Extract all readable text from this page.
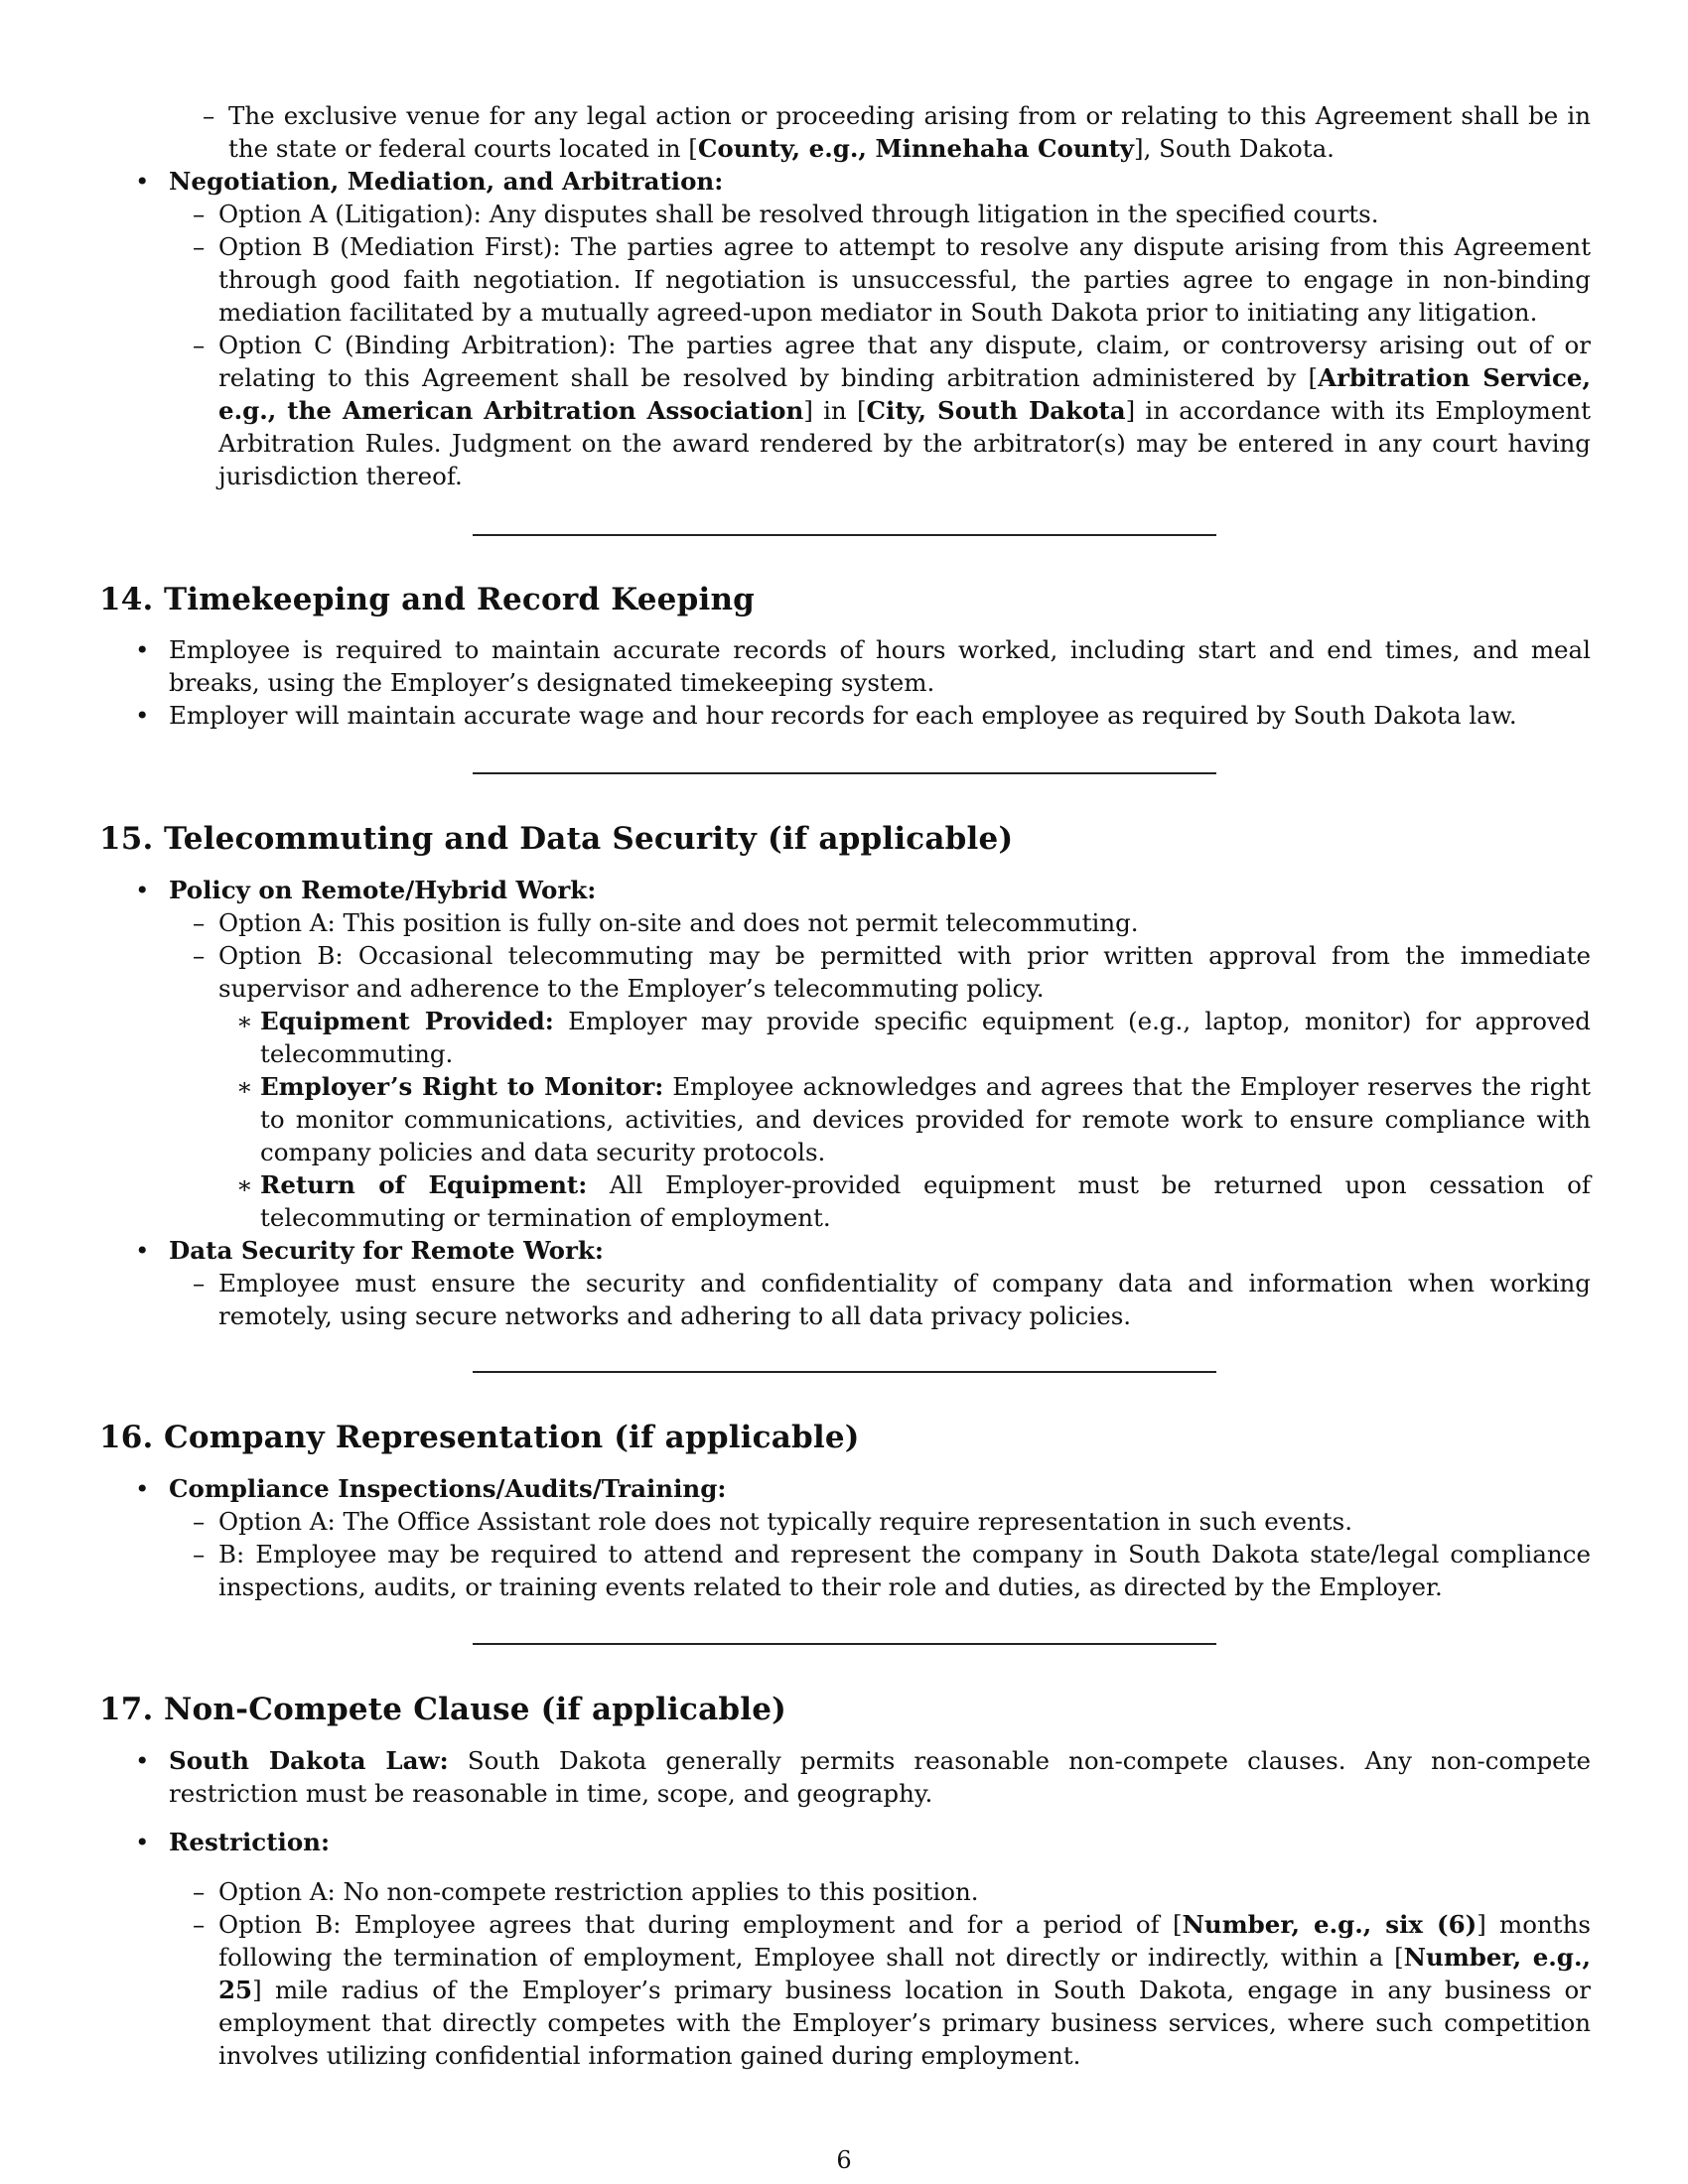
– The exclusive venue for any legal action or proceeding arising from or relating to this Agreement shall be in the state or federal courts located in [County, e.g., Minnehaha County], South Dakota.
• Negotiation, Mediation, and Arbitration:
– Option A (Litigation): Any disputes shall be resolved through litigation in the specified courts.
– Option B (Mediation First): The parties agree to attempt to resolve any dispute arising from this Agreement through good faith negotiation. If negotiation is unsuccessful, the parties agree to engage in non-binding mediation facilitated by a mutually agreed-upon mediator in South Dakota prior to initiating any litigation.
– Option C (Binding Arbitration): The parties agree that any dispute, claim, or controversy arising out of or relating to this Agreement shall be resolved by binding arbitration administered by [Arbitration Service, e.g., the American Arbitration Association] in [City, South Dakota] in accordance with its Employment Arbitration Rules. Judgment on the award rendered by the arbitrator(s) may be entered in any court having jurisdiction thereof.
14. Timekeeping and Record Keeping
• Employee is required to maintain accurate records of hours worked, including start and end times, and meal breaks, using the Employer’s designated timekeeping system.
• Employer will maintain accurate wage and hour records for each employee as required by South Dakota law.
15. Telecommuting and Data Security (if applicable)
• Policy on Remote/Hybrid Work:
– Option A: This position is fully on-site and does not permit telecommuting.
– Option B: Occasional telecommuting may be permitted with prior written approval from the immediate supervisor and adherence to the Employer’s telecommuting policy.
∗ Equipment Provided: Employer may provide specific equipment (e.g., laptop, monitor) for approved telecommuting.
∗ Employer’s Right to Monitor: Employee acknowledges and agrees that the Employer reserves the right to monitor communications, activities, and devices provided for remote work to ensure compliance with company policies and data security protocols.
∗ Return of Equipment: All Employer-provided equipment must be returned upon cessation of telecommuting or termination of employment.
• Data Security for Remote Work:
– Employee must ensure the security and confidentiality of company data and information when working remotely, using secure networks and adhering to all data privacy policies.
16. Company Representation (if applicable)
• Compliance Inspections/Audits/Training:
– Option A: The Office Assistant role does not typically require representation in such events.
– B: Employee may be required to attend and represent the company in South Dakota state/legal compliance inspections, audits, or training events related to their role and duties, as directed by the Employer.
17. Non-Compete Clause (if applicable)
• South Dakota Law: South Dakota generally permits reasonable non-compete clauses. Any non-compete restriction must be reasonable in time, scope, and geography.
• Restriction:
– Option A: No non-compete restriction applies to this position.
– Option B: Employee agrees that during employment and for a period of [Number, e.g., six (6)] months following the termination of employment, Employee shall not directly or indirectly, within a [Number, e.g., 25] mile radius of the Employer’s primary business location in South Dakota, engage in any business or employment that directly competes with the Employer’s primary business services, where such competition involves utilizing confidential information gained during employment.
6
